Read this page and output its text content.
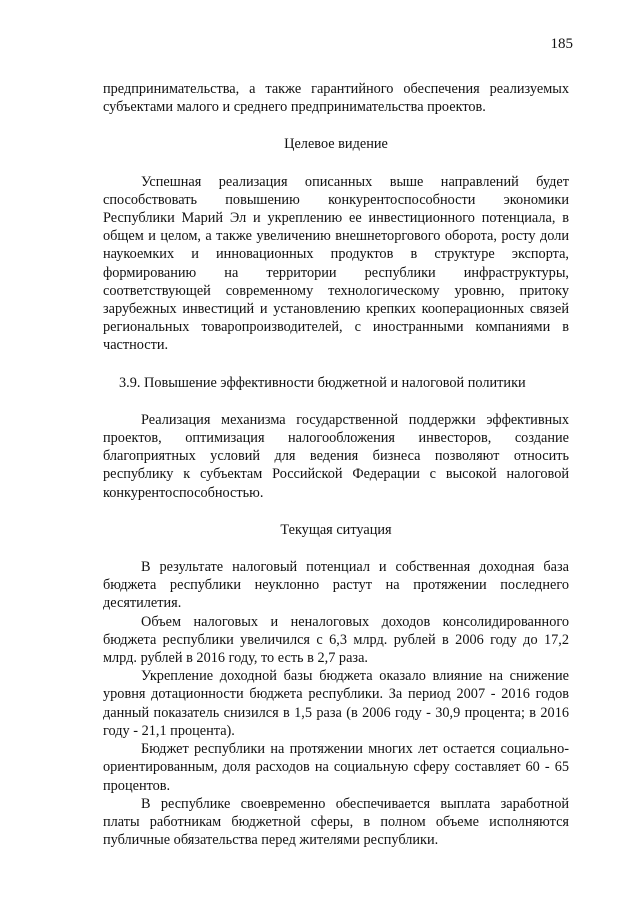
185

предпринимательства, а также гарантийного обеспечения реализуемых субъектами малого и среднего предпринимательства проектов.

Целевое видение

Успешная реализация описанных выше направлений будет способствовать повышению конкурентоспособности экономики Республики Марий Эл и укреплению ее инвестиционного потенциала, в общем и целом, а также увеличению внешнеторгового оборота, росту доли наукоемких и инновационных продуктов в структуре экспорта, формированию на территории республики инфраструктуры, соответствующей современному технологическому уровню, притоку зарубежных инвестиций и установлению крепких кооперационных связей региональных товаропроизводителей, с иностранными компаниями в частности.

3.9. Повышение эффективности бюджетной и налоговой политики

Реализация механизма государственной поддержки эффективных проектов, оптимизация налогообложения инвесторов, создание благоприятных условий для ведения бизнеса позволяют относить республику к субъектам Российской Федерации с высокой налоговой конкурентоспособностью.

Текущая ситуация

В результате налоговый потенциал и собственная доходная база бюджета республики неуклонно растут на протяжении последнего десятилетия.

Объем налоговых и неналоговых доходов консолидированного бюджета республики увеличился с 6,3 млрд. рублей в 2006 году до 17,2 млрд. рублей в 2016 году, то есть в 2,7 раза.

Укрепление доходной базы бюджета оказало влияние на снижение уровня дотационности бюджета республики. За период 2007 - 2016 годов данный показатель снизился в 1,5 раза (в 2006 году - 30,9 процента; в 2016 году - 21,1 процента).

Бюджет республики на протяжении многих лет остается социально-ориентированным, доля расходов на социальную сферу составляет 60 - 65 процентов.

В республике своевременно обеспечивается выплата заработной платы работникам бюджетной сферы, в полном объеме исполняются публичные обязательства перед жителями республики.
